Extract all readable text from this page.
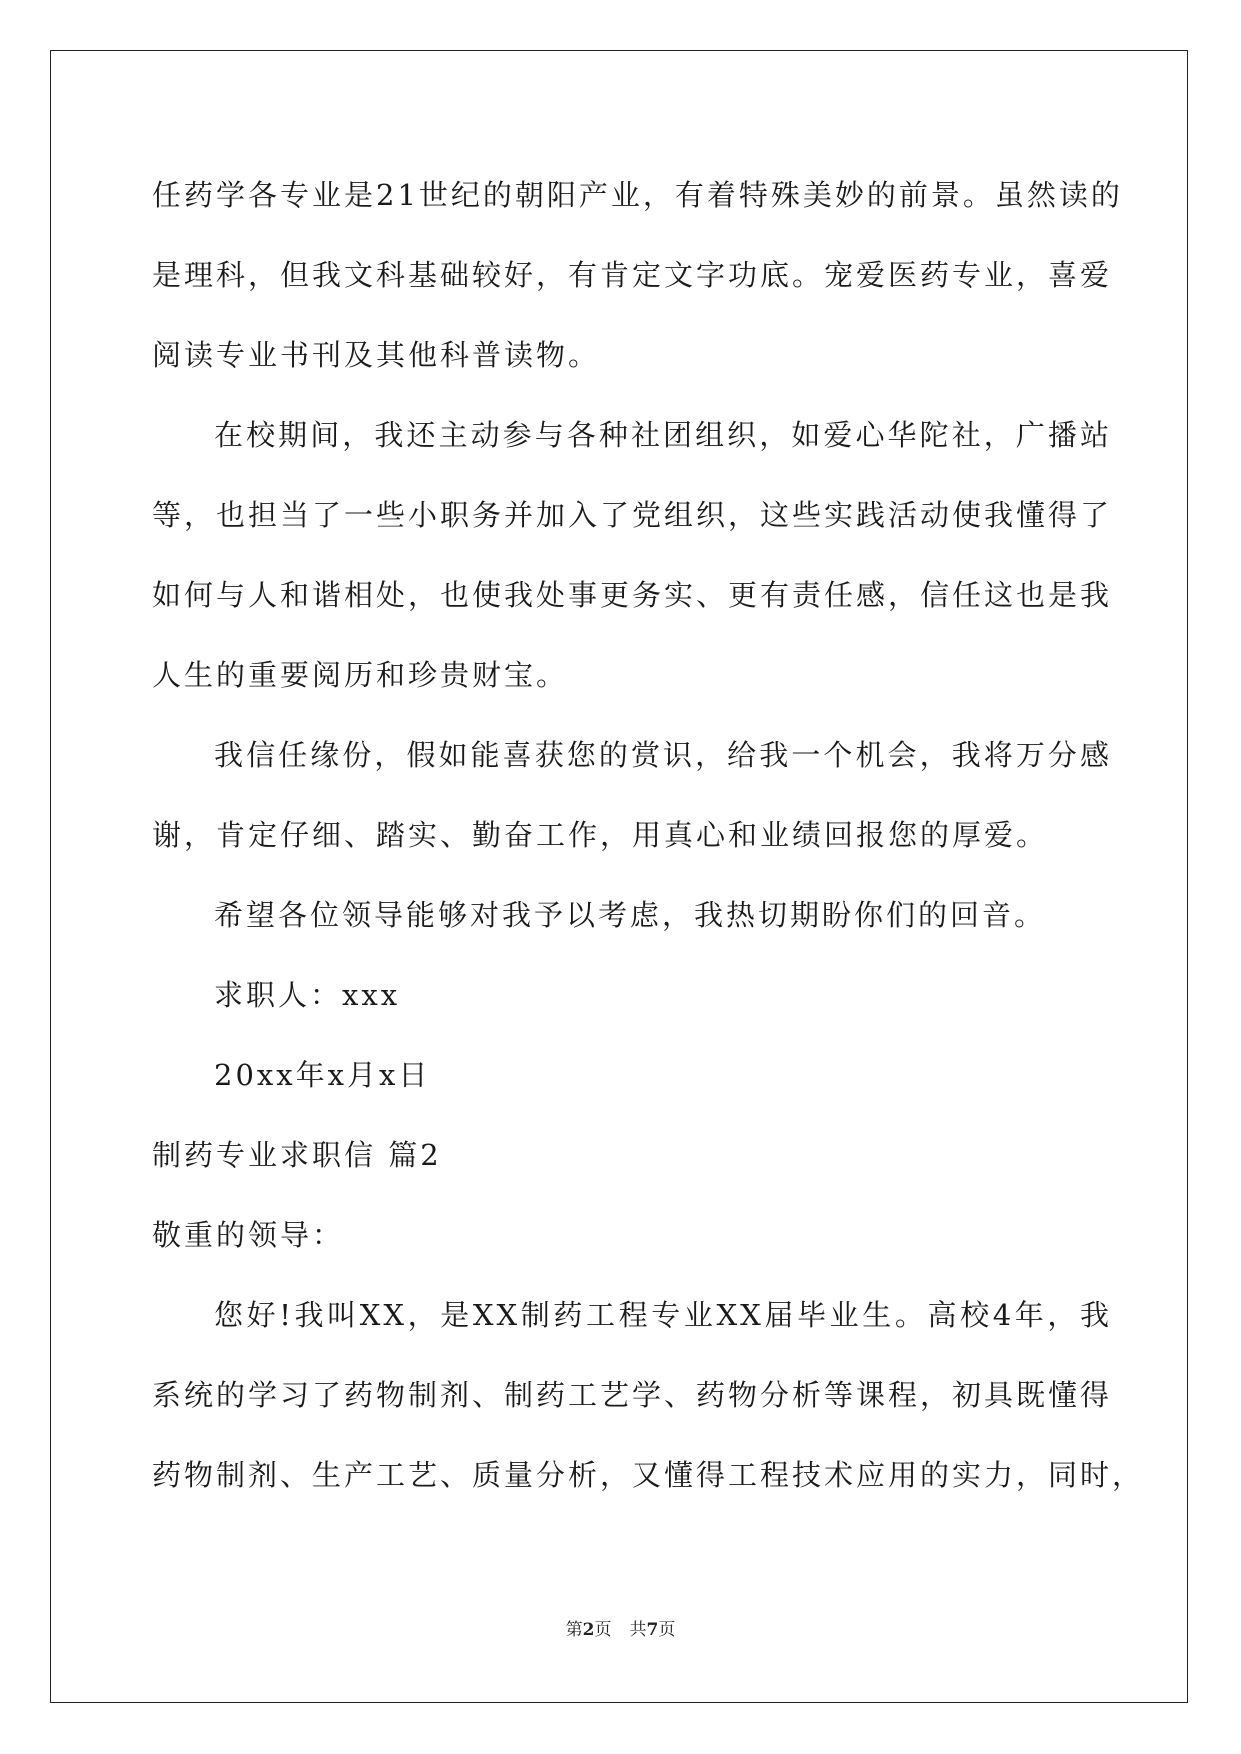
任药学各专业是21世纪的朝阳产业，有着特殊美妙的前景。虽然读的
是理科，但我文科基础较好，有肯定文字功底。宠爱医药专业，喜爱
阅读专业书刊及其他科普读物。
在校期间，我还主动参与各种社团组织，如爱心华陀社，广播站
等，也担当了一些小职务并加入了党组织，这些实践活动使我懂得了
如何与人和谐相处，也使我处事更务实、更有责任感，信任这也是我
人生的重要阅历和珍贵财宝。
我信任缘份，假如能喜获您的赏识，给我一个机会，我将万分感
谢，肯定仔细、踏实、勤奋工作，用真心和业绩回报您的厚爱。
希望各位领导能够对我予以考虑，我热切期盼你们的回音。
求职人：xxx
20xx年x月x日
制药专业求职信 篇2
敬重的领导：
您好!我叫XX，是XX制药工程专业XX届毕业生。高校4年，我
系统的学习了药物制剂、制药工艺学、药物分析等课程，初具既懂得
药物制剂、生产工艺、质量分析，又懂得工程技术应用的实力，同时，
第2页 共7页
